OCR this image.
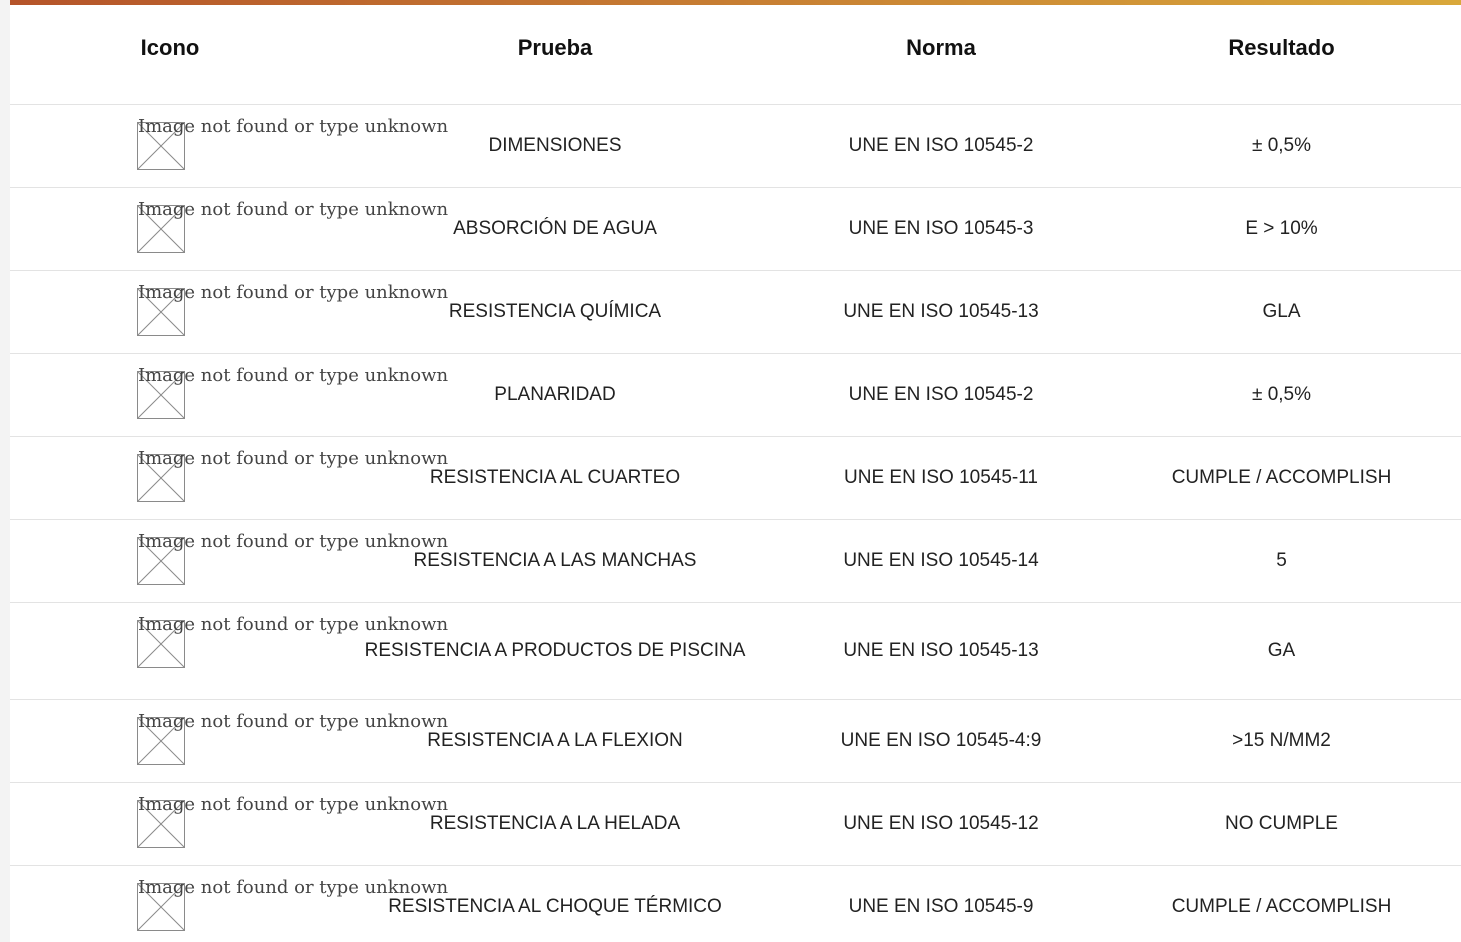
Icono	Prueba	Norma	Resultado

Image not found or type unknown	DIMENSIONES	UNE EN ISO 10545-2	± 0,5%

Image not found or type unknown	ABSORCIÓN DE AGUA	UNE EN ISO 10545-3	E > 10%

Image not found or type unknown	RESISTENCIA QUÍMICA	UNE EN ISO 10545-13	GLA

Image not found or type unknown	PLANARIDAD	UNE EN ISO 10545-2	± 0,5%

Image not found or type unknown	RESISTENCIA AL CUARTEO	UNE EN ISO 10545-11	CUMPLE / ACCOMPLISH

Image not found or type unknown	RESISTENCIA A LAS MANCHAS	UNE EN ISO 10545-14	5

Image not found or type unknown	RESISTENCIA A PRODUCTOS DE PISCINA	UNE EN ISO 10545-13	GA

Image not found or type unknown	RESISTENCIA A LA FLEXION	UNE EN ISO 10545-4:9	>15 N/MM2

Image not found or type unknown	RESISTENCIA A LA HELADA	UNE EN ISO 10545-12	NO CUMPLE

Image not found or type unknown	RESISTENCIA AL CHOQUE TÉRMICO	UNE EN ISO 10545-9	CUMPLE / ACCOMPLISH
